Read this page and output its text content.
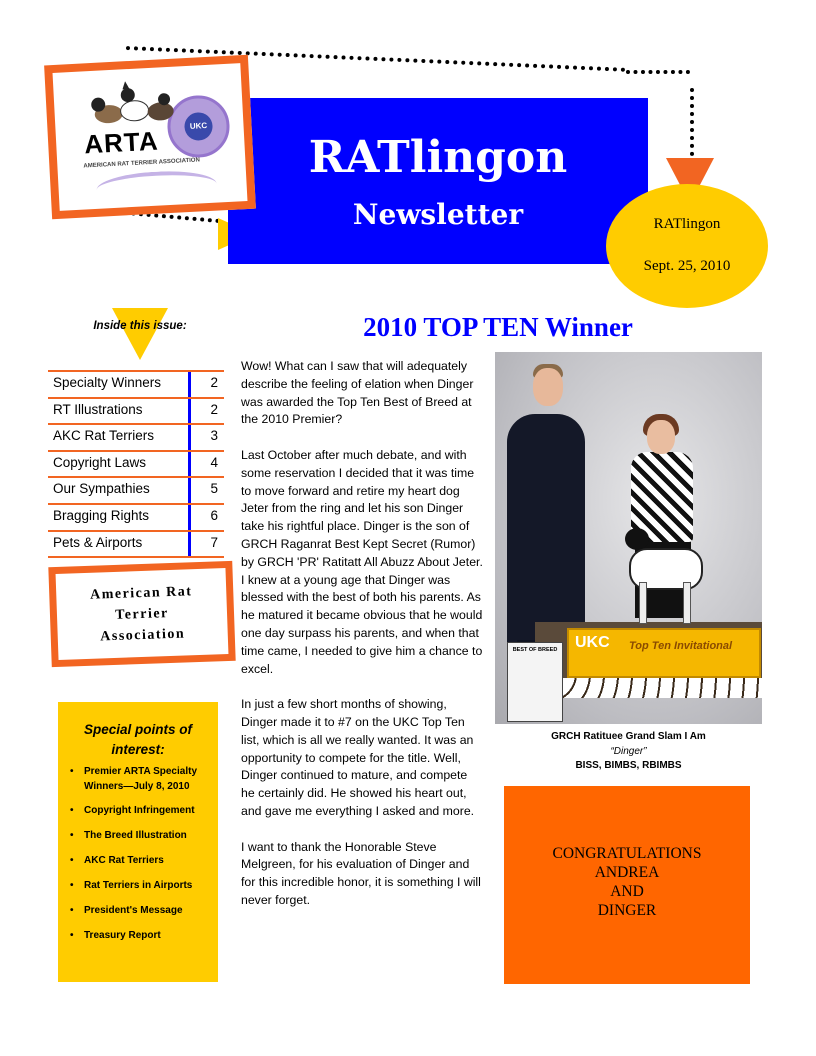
RATlingon
Newsletter
UKC
ARTA
AMERICAN RAT TERRIER ASSOCIATION
RATlingon
Sept. 25, 2010
Inside this issue:
Specialty Winners	2
RT Illustrations	2
AKC Rat Terriers	3
Copyright Laws	4
Our Sympathies	5
Bragging Rights	6
Pets & Airports	7
American Rat
Terrier
Association
Special points of
interest:
• Premier ARTA Specialty Winners—July 8, 2010
• Copyright Infringement
• The Breed Illustration
• AKC Rat Terriers
• Rat Terriers in Airports
• President's Message
• Treasury Report
2010 TOP TEN Winner

Wow! What can I saw that will adequately describe the feeling of elation when Dinger was awarded the Top Ten Best of Breed at the 2010 Premier?

Last October after much debate, and with some reservation I decided that it was time to move forward and retire my heart dog Jeter from the ring and let his son Dinger take his rightful place. Dinger is the son of GRCH Raganrat Best Kept Secret (Rumor) by GRCH 'PR' Ratitatt All Abuzz About Jeter. I knew at a young age that Dinger was blessed with the best of both his parents. As he matured it became obvious that he would one day surpass his parents, and when that time came, I needed to give him a chance to excel.

In just a few short months of showing, Dinger made it to #7 on the UKC Top Ten list, which is all we really wanted. It was an opportunity to compete for the title. Well, Dinger continued to mature, and compete he certainly did. He showed his heart out, and gave me everything I asked and more.

I want to thank the Honorable Steve Melgreen, for his evaluation of Dinger and for this incredible honor, it is something I will never forget.

UKC Top Ten Invitational
BEST OF BREED
GRCH Ratituee Grand Slam I Am
“Dinger”
BISS, BIMBS, RBIMBS
CONGRATULATIONS
ANDREA
AND
DINGER
